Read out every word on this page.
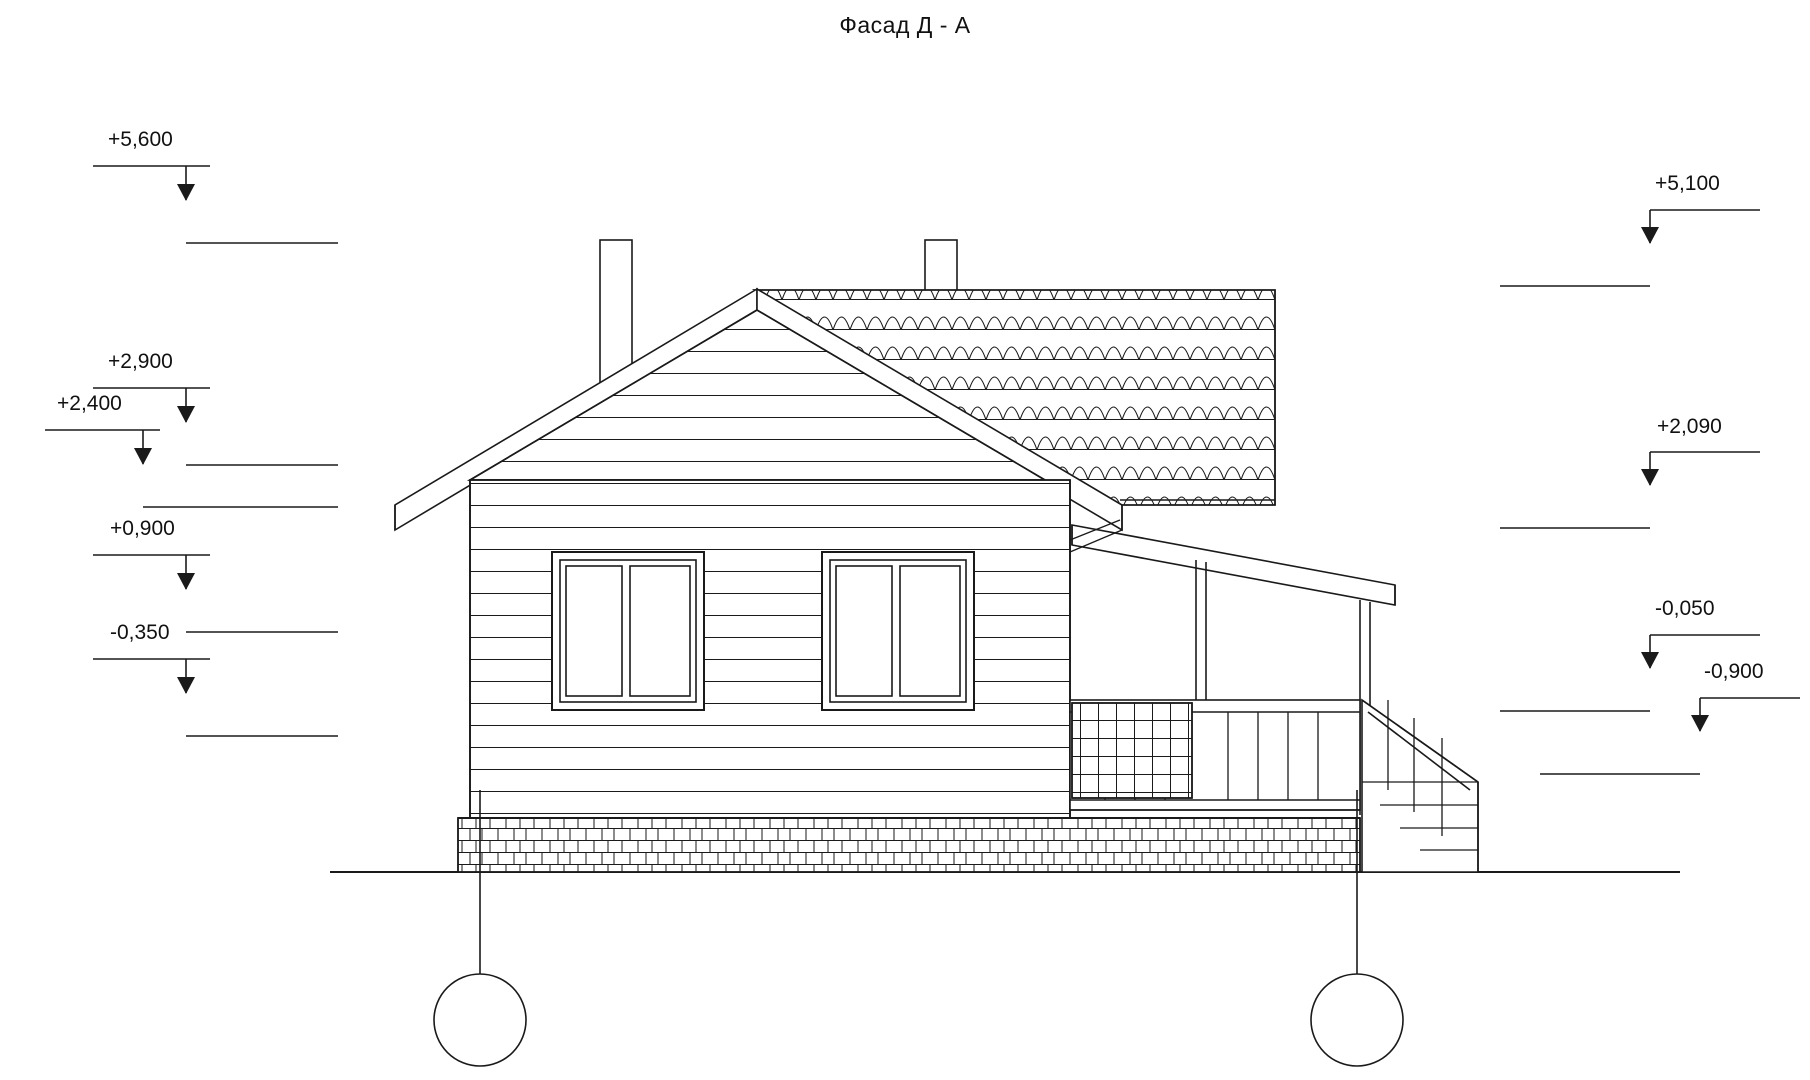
Фасад Д - А
+5,600
+2,900
+2,400
+0,900
-0,350
+5,100
+2,090
-0,050
-0,900
